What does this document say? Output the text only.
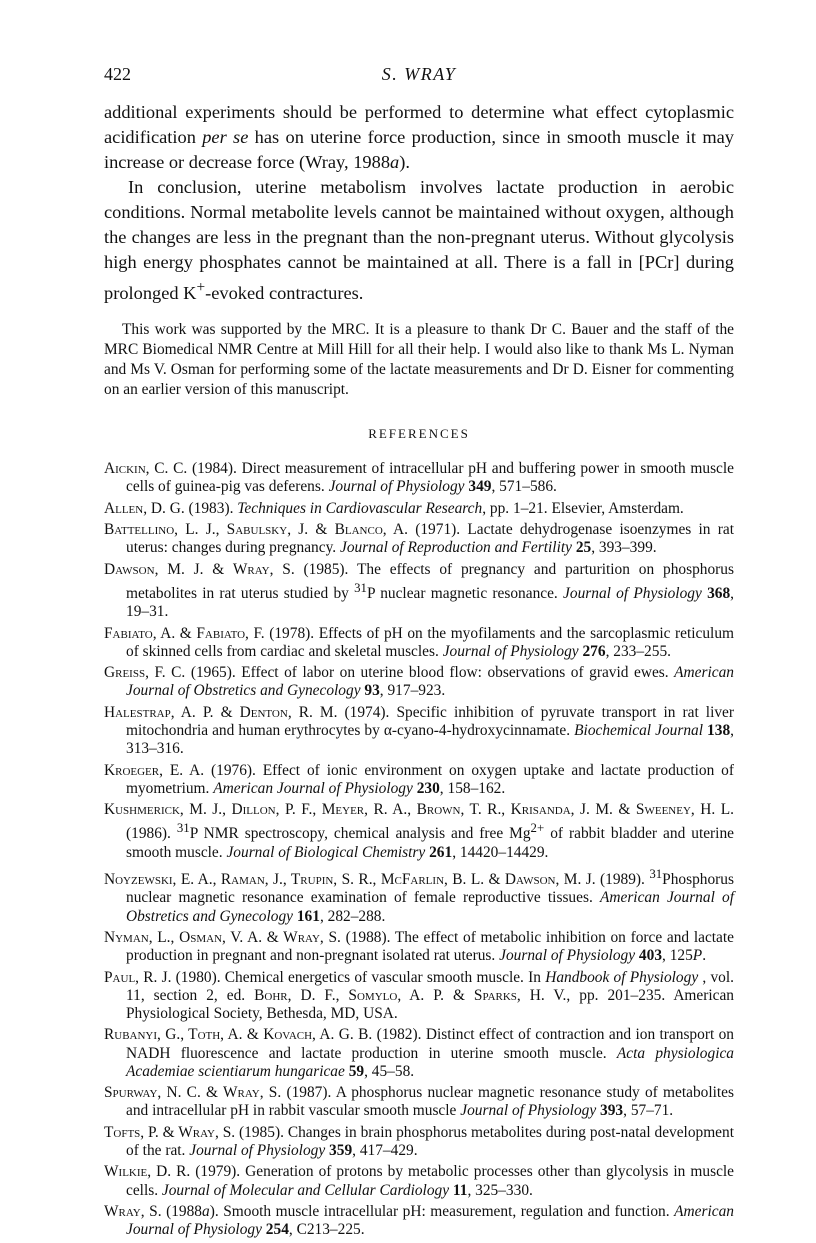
422	S. WRAY

additional experiments should be performed to determine what effect cytoplasmic acidification per se has on uterine force production, since in smooth muscle it may increase or decrease force (Wray, 1988a).

In conclusion, uterine metabolism involves lactate production in aerobic conditions. Normal metabolite levels cannot be maintained without oxygen, although the changes are less in the pregnant than the non-pregnant uterus. Without glycolysis high energy phosphates cannot be maintained at all. There is a fall in [PCr] during prolonged K+-evoked contractures.

This work was supported by the MRC. It is a pleasure to thank Dr C. Bauer and the staff of the MRC Biomedical NMR Centre at Mill Hill for all their help. I would also like to thank Ms L. Nyman and Ms V. Osman for performing some of the lactate measurements and Dr D. Eisner for commenting on an earlier version of this manuscript.
REFERENCES
Aickin, C. C. (1984). Direct measurement of intracellular pH and buffering power in smooth muscle cells of guinea-pig vas deferens. Journal of Physiology 349, 571–586.
Allen, D. G. (1983). Techniques in Cardiovascular Research, pp. 1–21. Elsevier, Amsterdam.
Battellino, L. J., Sabulsky, J. & Blanco, A. (1971). Lactate dehydrogenase isoenzymes in rat uterus: changes during pregnancy. Journal of Reproduction and Fertility 25, 393–399.
Dawson, M. J. & Wray, S. (1985). The effects of pregnancy and parturition on phosphorus metabolites in rat uterus studied by $^{31}$P nuclear magnetic resonance. Journal of Physiology 368, 19–31.
Fabiato, A. & Fabiato, F. (1978). Effects of pH on the myofilaments and the sarcoplasmic reticulum of skinned cells from cardiac and skeletal muscles. Journal of Physiology 276, 233–255.
Greiss, F. C. (1965). Effect of labor on uterine blood flow: observations of gravid ewes. American Journal of Obstretics and Gynecology 93, 917–923.
Halestrap, A. P. & Denton, R. M. (1974). Specific inhibition of pyruvate transport in rat liver mitochondria and human erythrocytes by α-cyano-4-hydroxycinnamate. Biochemical Journal 138, 313–316.
Kroeger, E. A. (1976). Effect of ionic environment on oxygen uptake and lactate production of myometrium. American Journal of Physiology 230, 158–162.
Kushmerick, M. J., Dillon, P. F., Meyer, R. A., Brown, T. R., Krisanda, J. M. & Sweeney, H. L. (1986). $^{31}$P NMR spectroscopy, chemical analysis and free $Mg^{2+}$ of rabbit bladder and uterine smooth muscle. Journal of Biological Chemistry 261, 14420–14429.
Noyzewski, E. A., Raman, J., Trupin, S. R., McFarlin, B. L. & Dawson, M. J. (1989). $^{31}$Phosphorus nuclear magnetic resonance examination of female reproductive tissues. American Journal of Obstretics and Gynecology 161, 282–288.
Nyman, L., Osman, V. A. & Wray, S. (1988). The effect of metabolic inhibition on force and lactate production in pregnant and non-pregnant isolated rat uterus. Journal of Physiology 403, 125P.
Paul, R. J. (1980). Chemical energetics of vascular smooth muscle. In Handbook of Physiology , vol. 11, section 2, ed. Bohr, D. F., Somylo, A. P. & Sparks, H. V., pp. 201–235. American Physiological Society, Bethesda, MD, USA.
Rubanyi, G., Toth, A. & Kovach, A. G. B. (1982). Distinct effect of contraction and ion transport on NADH fluorescence and lactate production in uterine smooth muscle. Acta physiologica Academiae scientiarum hungaricae 59, 45–58.
Spurway, N. C. & Wray, S. (1987). A phosphorus nuclear magnetic resonance study of metabolites and intracellular pH in rabbit vascular smooth muscle Journal of Physiology 393, 57–71.
Tofts, P. & Wray, S. (1985). Changes in brain phosphorus metabolites during post-natal development of the rat. Journal of Physiology 359, 417–429.
Wilkie, D. R. (1979). Generation of protons by metabolic processes other than glycolysis in muscle cells. Journal of Molecular and Cellular Cardiology 11, 325–330.
Wray, S. (1988a). Smooth muscle intracellular pH: measurement, regulation and function. American Journal of Physiology 254, C213–225.
